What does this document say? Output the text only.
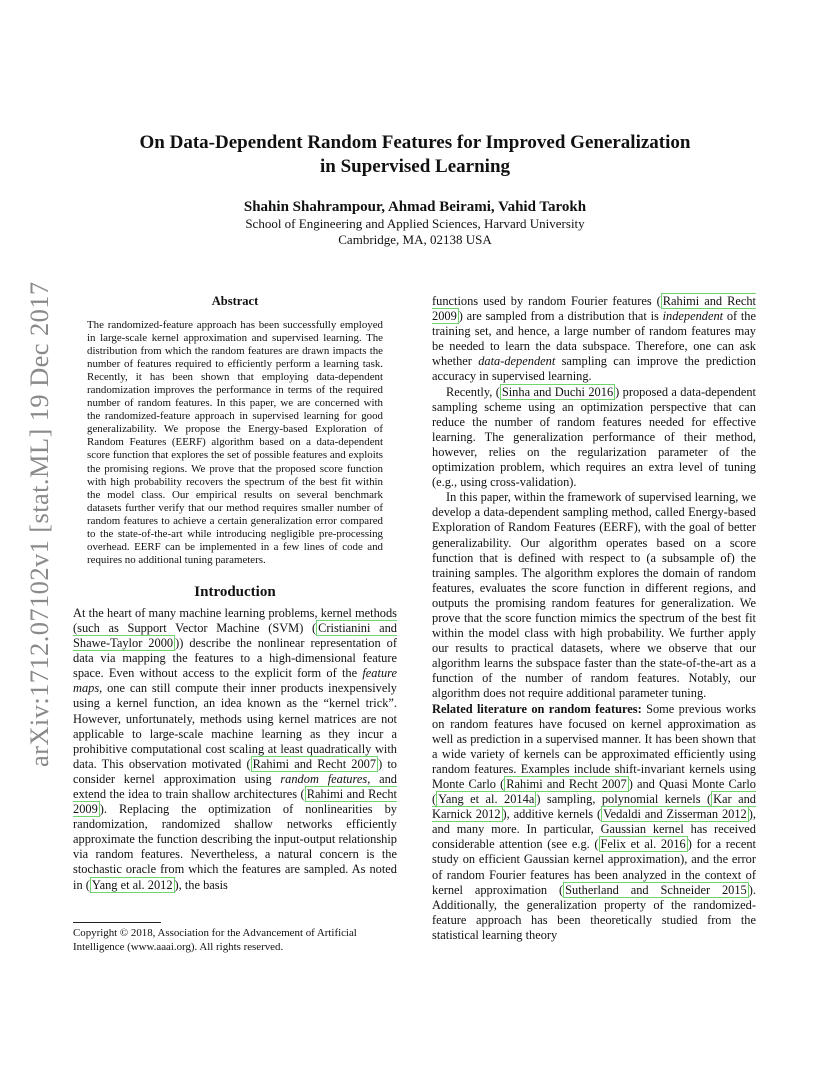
arXiv:1712.07102v1 [stat.ML] 19 Dec 2017
On Data-Dependent Random Features for Improved Generalization
in Supervised Learning
Shahin Shahrampour, Ahmad Beirami, Vahid Tarokh
School of Engineering and Applied Sciences, Harvard University
Cambridge, MA, 02138 USA
Abstract

The randomized-feature approach has been successfully employed in large-scale kernel approximation and supervised learning. The distribution from which the random features are drawn impacts the number of features required to efficiently perform a learning task. Recently, it has been shown that employing data-dependent randomization improves the performance in terms of the required number of random features. In this paper, we are concerned with the randomized-feature approach in supervised learning for good generalizability. We propose the Energy-based Exploration of Random Features (EERF) algorithm based on a data-dependent score function that explores the set of possible features and exploits the promising regions. We prove that the proposed score function with high probability recovers the spectrum of the best fit within the model class. Our empirical results on several benchmark datasets further verify that our method requires smaller number of random features to achieve a certain generalization error compared to the state-of-the-art while introducing negligible pre-processing overhead. EERF can be implemented in a few lines of code and requires no additional tuning parameters.

Introduction

At the heart of many machine learning problems, kernel methods (such as Support Vector Machine (SVM) ( Cristianini and Shawe-Taylor 2000 )) describe the nonlinear representation of data via mapping the features to a high-dimensional feature space. Even without access to the explicit form of the feature maps, one can still compute their inner products inexpensively using a kernel function, an idea known as the “kernel trick”. However, unfortunately, methods using kernel matrices are not applicable to large-scale machine learning as they incur a prohibitive computational cost scaling at least quadratically with data. This observation motivated ( Rahimi and Recht 2007 ) to consider kernel approximation using random features, and extend the idea to train shallow architectures ( Rahimi and Recht 2009 ). Replacing the optimization of nonlinearities by randomization, randomized shallow networks efficiently approximate the function describing the input-output relationship via random features. Nevertheless, a natural concern is the stochastic oracle from which the features are sampled. As noted in ( Yang et al. 2012 ), the basis

functions used by random Fourier features ( Rahimi and Recht 2009 ) are sampled from a distribution that is independent of the training set, and hence, a large number of random features may be needed to learn the data subspace. Therefore, one can ask whether data-dependent sampling can improve the prediction accuracy in supervised learning.

Recently, ( Sinha and Duchi 2016 ) proposed a data-dependent sampling scheme using an optimization perspective that can reduce the number of random features needed for effective learning. The generalization performance of their method, however, relies on the regularization parameter of the optimization problem, which requires an extra level of tuning (e.g., using cross-validation).

In this paper, within the framework of supervised learning, we develop a data-dependent sampling method, called Energy-based Exploration of Random Features (EERF), with the goal of better generalizability. Our algorithm operates based on a score function that is defined with respect to (a subsample of) the training samples. The algorithm explores the domain of random features, evaluates the score function in different regions, and outputs the promising random features for generalization. We prove that the score function mimics the spectrum of the best fit within the model class with high probability. We further apply our results to practical datasets, where we observe that our algorithm learns the subspace faster than the state-of-the-art as a function of the number of random features. Notably, our algorithm does not require additional parameter tuning.

Related literature on random features: Some previous works on random features have focused on kernel approximation as well as prediction in a supervised manner. It has been shown that a wide variety of kernels can be approximated efficiently using random features. Examples include shift-invariant kernels using Monte Carlo ( Rahimi and Recht 2007 ) and Quasi Monte Carlo ( Yang et al. 2014a ) sampling, polynomial kernels ( Kar and Karnick 2012 ), additive kernels ( Vedaldi and Zisserman 2012 ), and many more. In particular, Gaussian kernel has received considerable attention (see e.g. ( Felix et al. 2016 ) for a recent study on efficient Gaussian kernel approximation), and the error of random Fourier features has been analyzed in the context of kernel approximation ( Sutherland and Schneider 2015 ). Additionally, the generalization property of the randomized-feature approach has been theoretically studied from the statistical learning theory

Copyright © 2018, Association for the Advancement of Artificial
Intelligence (www.aaai.org). All rights reserved.
